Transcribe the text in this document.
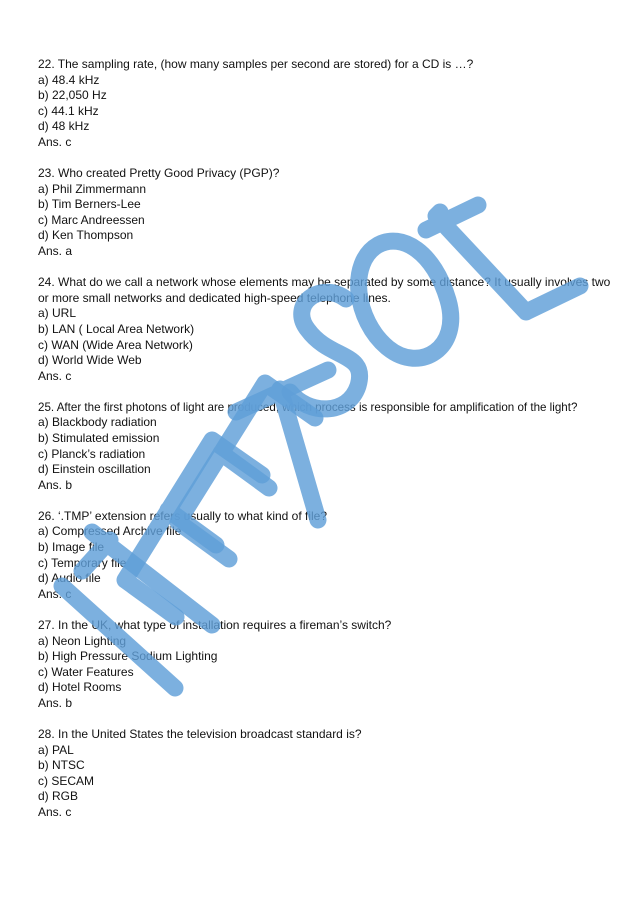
22. The sampling rate, (how many samples per second are stored) for a CD is …?
a) 48.4 kHz
b) 22,050 Hz
c) 44.1 kHz
d) 48 kHz
Ans. c
23. Who created Pretty Good Privacy (PGP)?
a) Phil Zimmermann
b) Tim Berners-Lee
c) Marc Andreessen
d) Ken Thompson
Ans. a
24. What do we call a network whose elements may be separated by some distance? It usually involves two or more small networks and dedicated high-speed telephone lines.
a) URL
b) LAN ( Local Area Network)
c) WAN (Wide Area Network)
d) World Wide Web
Ans. c
25. After the first photons of light are produced, which process is responsible for amplification of the light?
a) Blackbody radiation
b) Stimulated emission
c) Planck’s radiation
d) Einstein oscillation
Ans. b
26. ‘.TMP’ extension refers usually to what kind of file?
a) Compressed Archive file
b) Image file
c) Temporary file
d) Audio file
Ans. c
27. In the UK, what type of installation requires a fireman’s switch?
a) Neon Lighting
b) High Pressure Sodium Lighting
c) Water Features
d) Hotel Rooms
Ans. b
28. In the United States the television broadcast standard is?
a) PAL
b) NTSC
c) SECAM
d) RGB
Ans. c
